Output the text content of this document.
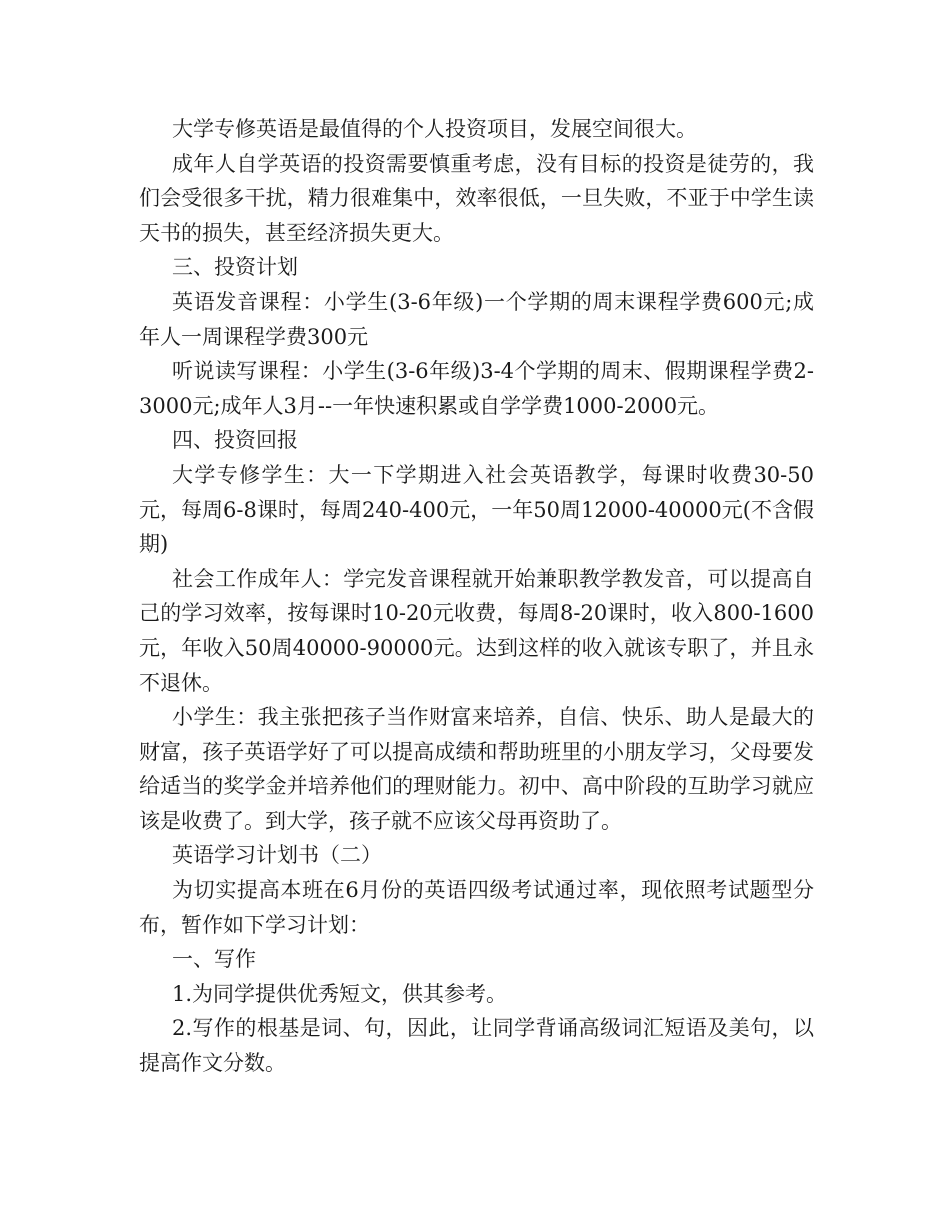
大学专修英语是最值得的个人投资项目，发展空间很大。

成年人自学英语的投资需要慎重考虑，没有目标的投资是徒劳的，我们会受很多干扰，精力很难集中，效率很低，一旦失败，不亚于中学生读天书的损失，甚至经济损失更大。

三、投资计划

英语发音课程：小学生(3-6年级)一个学期的周末课程学费600元;成年人一周课程学费300元

听说读写课程：小学生(3-6年级)3-4个学期的周末、假期课程学费2-3000元;成年人3月--一年快速积累或自学学费1000-2000元。

四、投资回报

大学专修学生：大一下学期进入社会英语教学，每课时收费30-50元，每周6-8课时，每周240-400元，一年50周12000-40000元(不含假期)

社会工作成年人：学完发音课程就开始兼职教学教发音，可以提高自己的学习效率，按每课时10-20元收费，每周8-20课时，收入800-1600元，年收入50周40000-90000元。达到这样的收入就该专职了，并且永不退休。

小学生：我主张把孩子当作财富来培养，自信、快乐、助人是最大的财富，孩子英语学好了可以提高成绩和帮助班里的小朋友学习，父母要发给适当的奖学金并培养他们的理财能力。初中、高中阶段的互助学习就应该是收费了。到大学，孩子就不应该父母再资助了。

英语学习计划书（二）

为切实提高本班在6月份的英语四级考试通过率，现依照考试题型分布，暂作如下学习计划：

一、写作

1.为同学提供优秀短文，供其参考。

2.写作的根基是词、句，因此，让同学背诵高级词汇短语及美句，以提高作文分数。
